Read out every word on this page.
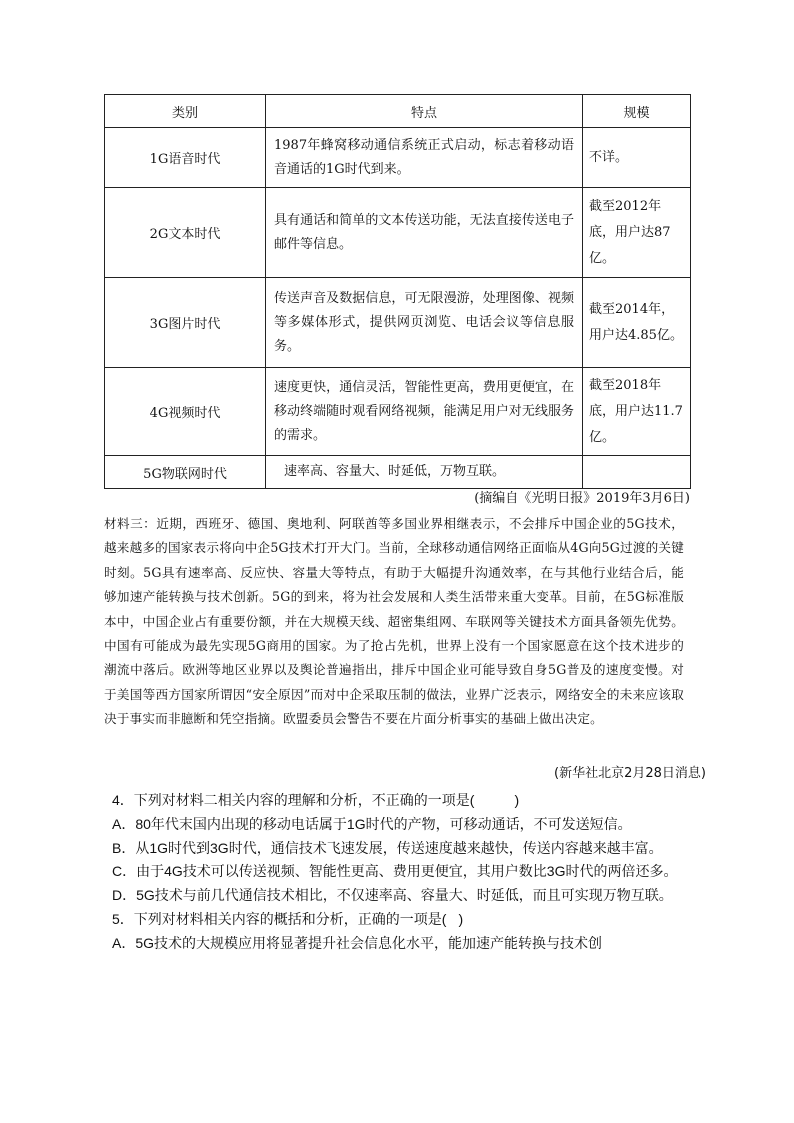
类别	特点	规模
1G语音时代	1987年蜂窝移动通信系统正式启动，标志着移动语音通话的1G时代到来。	不详。
2G文本时代	具有通话和简单的文本传送功能，无法直接传送电子邮件等信息。	截至2012年底，用户达87亿。
3G图片时代	传送声音及数据信息，可无限漫游，处理图像、视频等多媒体形式，提供网页浏览、电话会议等信息服务。	截至2014年，用户达4.85亿。
4G视频时代	速度更快，通信灵活，智能性更高，费用更便宜，在移动终端随时观看网络视频，能满足用户对无线服务的需求。	截至2018年底，用户达11.7亿。
5G物联网时代	速率高、容量大、时延低，万物互联。	
(摘编自《光明日报》2019年3月6日)
材料三：近期，西班牙、德国、奥地利、阿联酋等多国业界相继表示，不会排斥中国企业的5G技术，越来越多的国家表示将向中企5G技术打开大门。当前，全球移动通信网络正面临从4G向5G过渡的关键时刻。5G具有速率高、反应快、容量大等特点，有助于大幅提升沟通效率，在与其他行业结合后，能够加速产能转换与技术创新。5G的到来，将为社会发展和人类生活带来重大变革。目前，在5G标准版本中，中国企业占有重要份额，并在大规模天线、超密集组网、车联网等关键技术方面具备领先优势。中国有可能成为最先实现5G商用的国家。为了抢占先机，世界上没有一个国家愿意在这个技术进步的潮流中落后。欧洲等地区业界以及舆论普遍指出，排斥中国企业可能导致自身5G普及的速度变慢。对于美国等西方国家所谓因“安全原因”而对中企采取压制的做法，业界广泛表示，网络安全的未来应该取决于事实而非臆断和凭空指摘。欧盟委员会警告不要在片面分析事实的基础上做出决定。
(新华社北京2月28日消息)

4．下列对材料二相关内容的理解和分析，不正确的一项是(	)

A．80年代末国内出现的移动电话属于1G时代的产物，可移动通话，不可发送短信。

B．从1G时代到3G时代，通信技术飞速发展，传送速度越来越快，传送内容越来越丰富。

C．由于4G技术可以传送视频、智能性更高、费用更便宜，其用户数比3G时代的两倍还多。

D．5G技术与前几代通信技术相比，不仅速率高、容量大、时延低，而且可实现万物互联。

5．下列对材料相关内容的概括和分析，正确的一项是( )

A．5G技术的大规模应用将显著提升社会信息化水平，能加速产能转换与技术创
